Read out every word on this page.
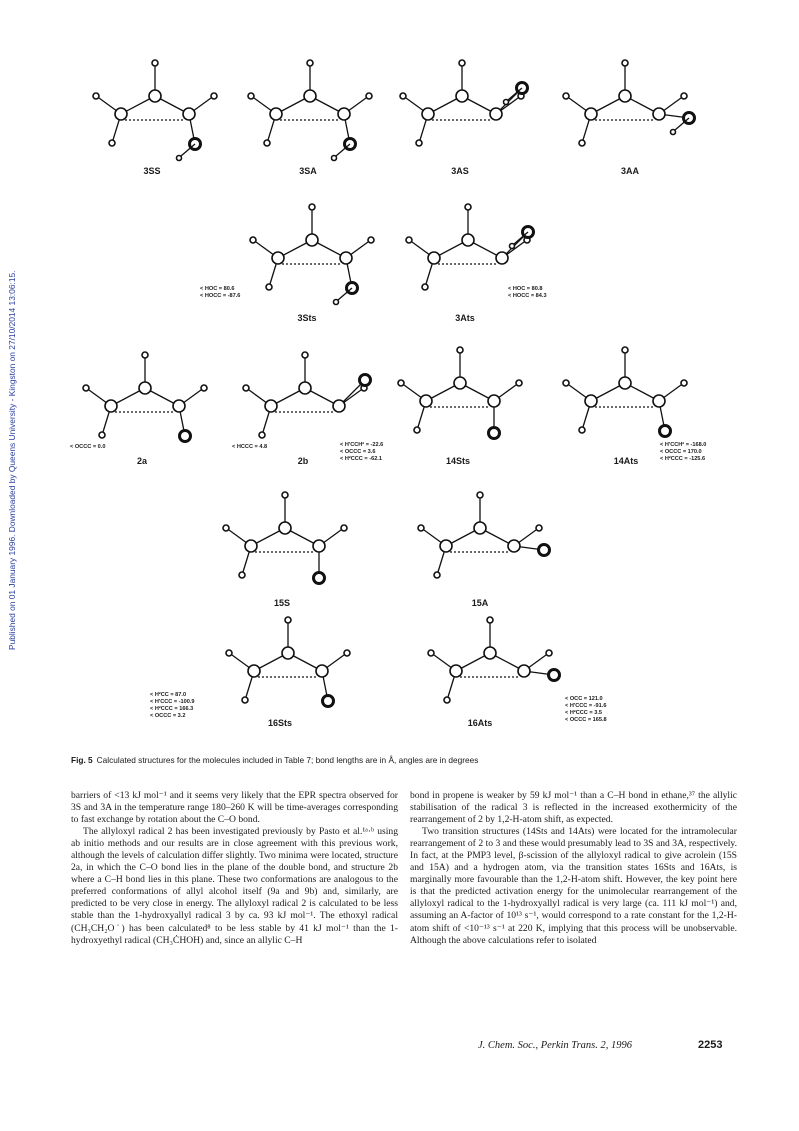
Published on 01 January 1996. Downloaded by Queens University - Kingston on 27/10/2014 13:06:15.
3SS	3SA	3AS	3AA
3Sts	3Ats
2a	2b	14Sts	14Ats
15S	15A
16Sts	16Ats
< HOC = 80.6
< HOCC = -87.6
< HOC = 80.8
< HOCC = 84.3
< OCCC = 0.0	< HCCC = 4.8	< H'CCH² = -22.6
< OCCC = 3.6
< H²CCC = -62.1
< H'CCH² = -168.0
< OCCC = 170.0
< H²CCC = -125.6
< H²CC = 87.0
< H'CCC = -100.9
< H²CCC = 166.3
< OCCC = 3.2
< OCC = 121.0
< H'CCC = -91.6
< H²CCC = 3.5
< OCCC = 165.8
Fig. 5 Calculated structures for the molecules included in Table 7; bond lengths are in Å, angles are in degrees

barriers of <13 kJ mol⁻¹ and it seems very likely that the EPR spectra observed for 3S and 3A in the temperature range 180–260 K will be time-averages corresponding to fast exchange by rotation about the C–O bond.

The allyloxyl radical 2 has been investigated previously by Pasto et al.¹ᵃ·ᵇ using ab initio methods and our results are in close agreement with this previous work, although the levels of calculation differ slightly. Two minima were located, structure 2a, in which the C–O bond lies in the plane of the double bond, and structure 2b where a C–H bond lies in this plane. These two conformations are analogous to the preferred conformations of allyl alcohol itself (9a and 9b) and, similarly, are predicted to be very close in energy. The allyloxyl radical 2 is calculated to be less stable than the 1-hydroxyallyl radical 3 by ca. 93 kJ mol⁻¹. The ethoxyl radical (CH₃CH₂O˙) has been calculated⁸ to be less stable by 41 kJ mol⁻¹ than the 1-hydroxyethyl radical (CH₃ĊHOH) and, since an allylic C–H

bond in propene is weaker by 59 kJ mol⁻¹ than a C–H bond in ethane,³⁷ the allylic stabilisation of the radical 3 is reflected in the increased exothermicity of the rearrangement of 2 by 1,2-H-atom shift, as expected.

Two transition structures (14Sts and 14Ats) were located for the intramolecular rearrangement of 2 to 3 and these would presumably lead to 3S and 3A, respectively. In fact, at the PMP3 level, β-scission of the allyloxyl radical to give acrolein (15S and 15A) and a hydrogen atom, via the transition states 16Sts and 16Ats, is marginally more favourable than the 1,2-H-atom shift. However, the key point here is that the predicted activation energy for the unimolecular rearrangement of the allyloxyl radical to the 1-hydroxyallyl radical is very large (ca. 111 kJ mol⁻¹) and, assuming an A-factor of 10¹³ s⁻¹, would correspond to a rate constant for the 1,2-H-atom shift of <10⁻¹³ s⁻¹ at 220 K, implying that this process will be unobservable. Although the above calculations refer to isolated

J. Chem. Soc., Perkin Trans. 2, 1996	2253
